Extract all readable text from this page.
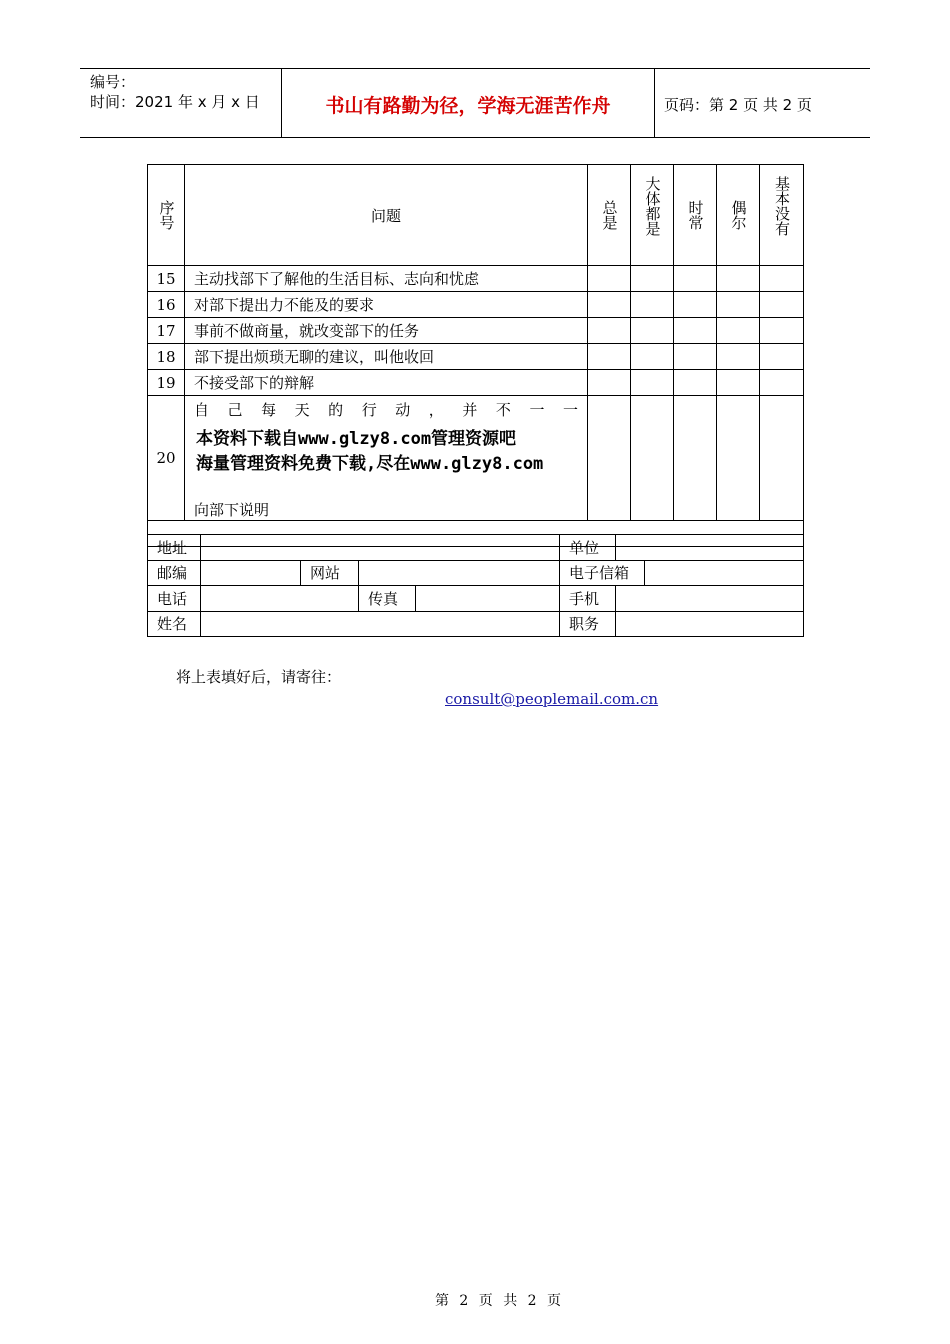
编号：
时间：2021 年 x 月 x 日	书山有路勤为径，学海无涯苦作舟	页码：第 2 页 共 2 页
序号	问题	总是	大体都是	时常	偶尔	基本没有

15	主动找部下了解他的生活目标、志向和忧虑					
16	对部下提出力不能及的要求					
17	事前不做商量，就改变部下的任务					
18	部下提出烦琐无聊的建议，叫他收回					
19	不接受部下的辩解					
20	自己每天的行动，并不一一
本资料下载自www.glzy8.com管理资源吧
海量管理资料免费下载,尽在www.glzy8.com
向部下说明					

地址					单位		
邮编		网站			电子信箱		
电话			传真		手机		
姓名					职务		
将上表填好后，请寄往：
consult@peoplemail.com.cn
第 2 页 共 2 页
